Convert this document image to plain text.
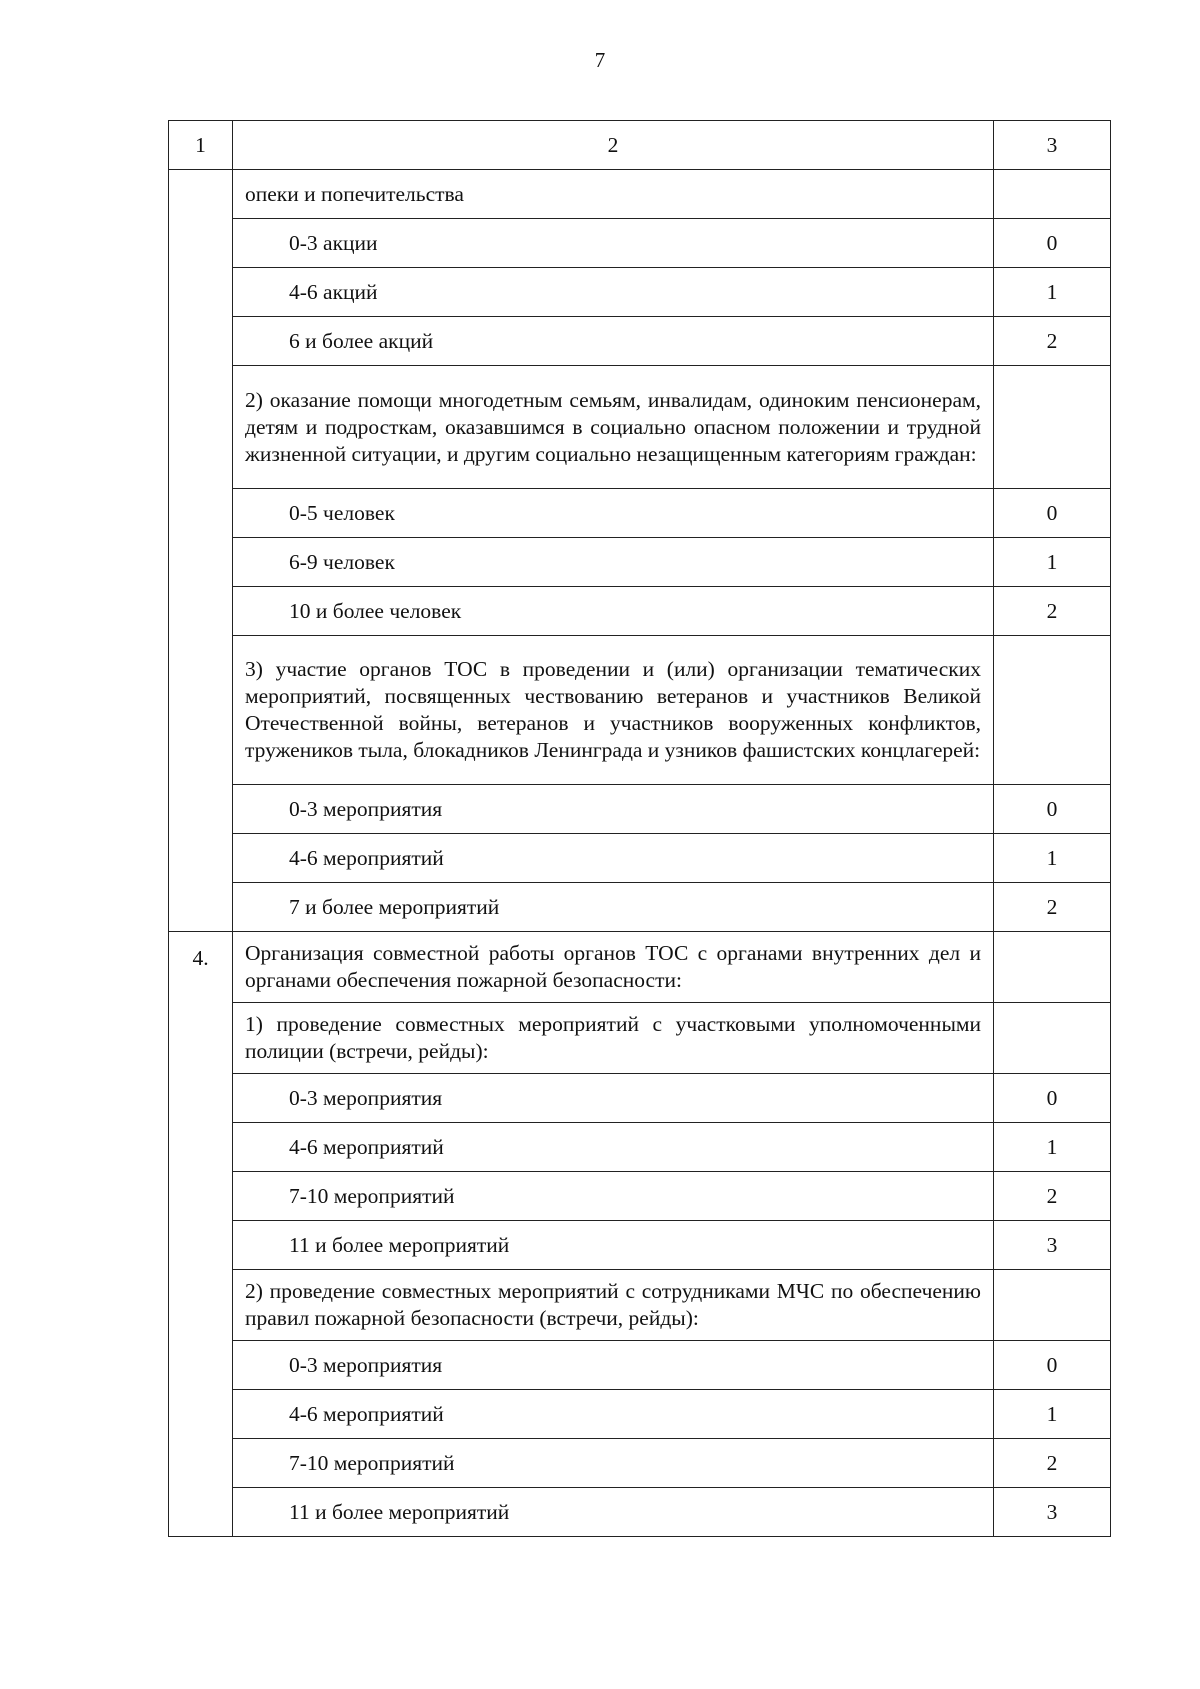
7
1	2	3
	опеки и попечительства	
	0-3 акции	0
	4-6 акций	1
	6 и более акций	2
	2) оказание помощи многодетным семьям, инвалидам, одиноким пенсионерам, детям и подросткам, оказавшимся в социально опасном положении и трудной жизненной ситуации, и другим социально незащищенным категориям граждан:	
	0-5 человек	0
	6-9 человек	1
	10 и более человек	2
	3) участие органов ТОС в проведении и (или) организации тематических мероприятий, посвященных чествованию ветеранов и участников Великой Отечественной войны, ветеранов и участников вооруженных конфликтов, тружеников тыла, блокадников Ленинграда и узников фашистских концлагерей:	
	0-3 мероприятия	0
	4-6 мероприятий	1
	7 и более мероприятий	2
4.	Организация совместной работы органов ТОС с органами внутренних дел и органами обеспечения пожарной безопасности:	
	1) проведение совместных мероприятий с участковыми уполномоченными полиции (встречи, рейды):	
	0-3 мероприятия	0
	4-6 мероприятий	1
	7-10 мероприятий	2
	11 и более мероприятий	3
	2) проведение совместных мероприятий с сотрудниками МЧС по обеспечению правил пожарной безопасности (встречи, рейды):	
	0-3 мероприятия	0
	4-6 мероприятий	1
	7-10 мероприятий	2
	11 и более мероприятий	3
